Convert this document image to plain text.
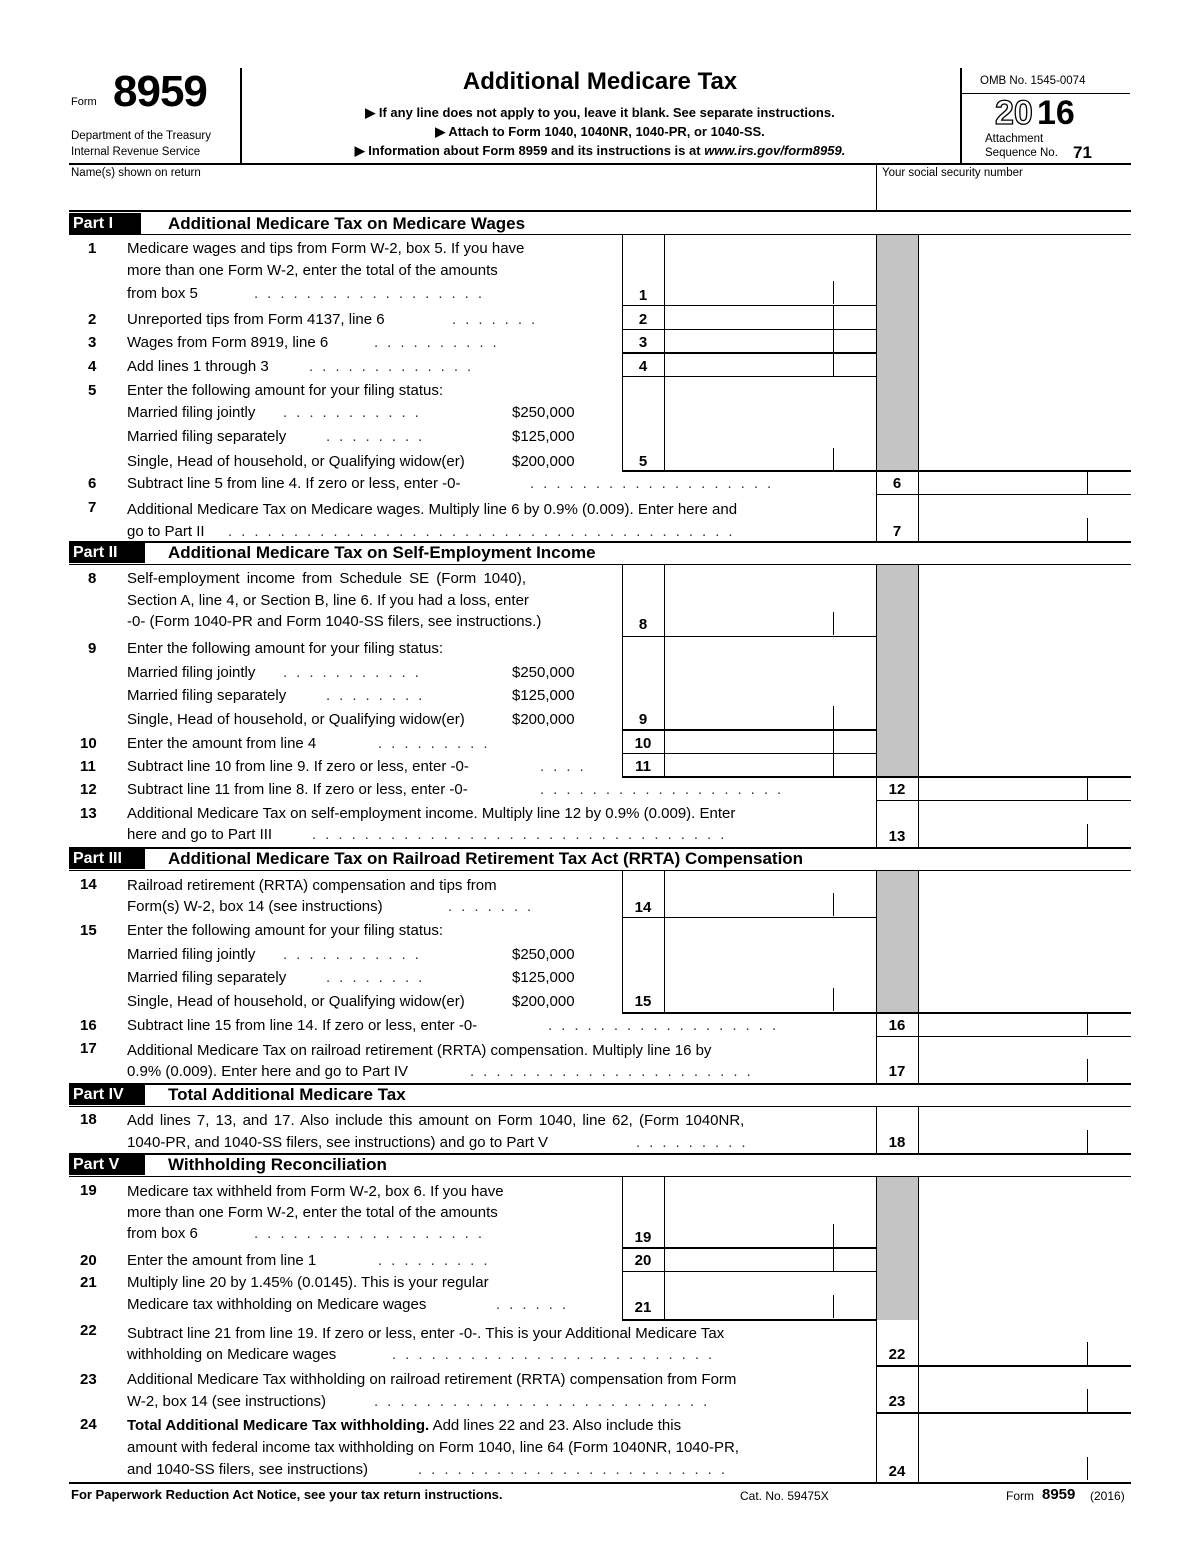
Form 8959
Department of the Treasury
Internal Revenue Service
Additional Medicare Tax
▶ If any line does not apply to you, leave it blank. See separate instructions.
▶ Attach to Form 1040, 1040NR, 1040-PR, or 1040-SS.
▶ Information about Form 8959 and its instructions is at www.irs.gov/form8959.
OMB No. 1545-0074
20 16
Attachment
Sequence No. 71
Name(s) shown on return	Your social security number
Part I	Additional Medicare Tax on Medicare Wages
1 Medicare wages and tips from Form W-2, box 5. If you have
more than one Form W-2, enter the total of the amounts
from box 5	..................	1
2 Unreported tips from Form 4137, line 6	.......	2
3 Wages from Form 8919, line 6	..........	3
4 Add lines 1 through 3	.............	4
5 Enter the following amount for your filing status:
Married filing jointly ...........	$250,000
Married filing separately	........	$125,000
Single, Head of household, or Qualifying widow(er)	$200,000	5
6 Subtract line 5 from line 4. If zero or less, enter -0-	...................	6
7 Additional Medicare Tax on Medicare wages. Multiply line 6 by 0.9% (0.009). Enter here and
go to Part II .......................................	7
Part II	Additional Medicare Tax on Self-Employment Income
8 Self-employment income from Schedule SE (Form 1040),
Section A, line 4, or Section B, line 6. If you had a loss, enter
-0- (Form 1040-PR and Form 1040-SS filers, see instructions.)	8
9 Enter the following amount for your filing status:
Married filing jointly ...........	$250,000
Married filing separately	........	$125,000
Single, Head of household, or Qualifying widow(er)	$200,000	9
10 Enter the amount from line 4	.........	10
11 Subtract line 10 from line 9. If zero or less, enter -0-	....	11
12 Subtract line 11 from line 8. If zero or less, enter -0-	...................	12
13 Additional Medicare Tax on self-employment income. Multiply line 12 by 0.9% (0.009). Enter
here and go to Part III	................................	13
Part III	Additional Medicare Tax on Railroad Retirement Tax Act (RRTA) Compensation
14 Railroad retirement (RRTA) compensation and tips from
Form(s) W-2, box 14 (see instructions)	.......	14
15 Enter the following amount for your filing status:
Married filing jointly ...........	$250,000
Married filing separately	........	$125,000
Single, Head of household, or Qualifying widow(er)	$200,000	15
16 Subtract line 15 from line 14. If zero or less, enter -0-	..................	16
17 Additional Medicare Tax on railroad retirement (RRTA) compensation. Multiply line 16 by
0.9% (0.009). Enter here and go to Part IV	......................	17
Part IV	Total Additional Medicare Tax
18 Add lines 7, 13, and 17. Also include this amount on Form 1040, line 62, (Form 1040NR,
1040-PR, and 1040-SS filers, see instructions) and go to Part V	.........	18
Part V	Withholding Reconciliation
19 Medicare tax withheld from Form W-2, box 6. If you have
more than one Form W-2, enter the total of the amounts
from box 6	..................	19
20 Enter the amount from line 1	.........	20
21 Multiply line 20 by 1.45% (0.0145). This is your regular
Medicare tax withholding on Medicare wages	......	21
22 Subtract line 21 from line 19. If zero or less, enter -0-. This is your Additional Medicare Tax
withholding on Medicare wages	.........................	22
23 Additional Medicare Tax withholding on railroad retirement (RRTA) compensation from Form
W-2, box 14 (see instructions)	..........................	23
24 Total Additional Medicare Tax withholding. Add lines 22 and 23. Also include this
amount with federal income tax withholding on Form 1040, line 64 (Form 1040NR, 1040-PR,
and 1040-SS filers, see instructions)	........................	24
For Paperwork Reduction Act Notice, see your tax return instructions.	Cat. No. 59475X	Form 8959 (2016)
